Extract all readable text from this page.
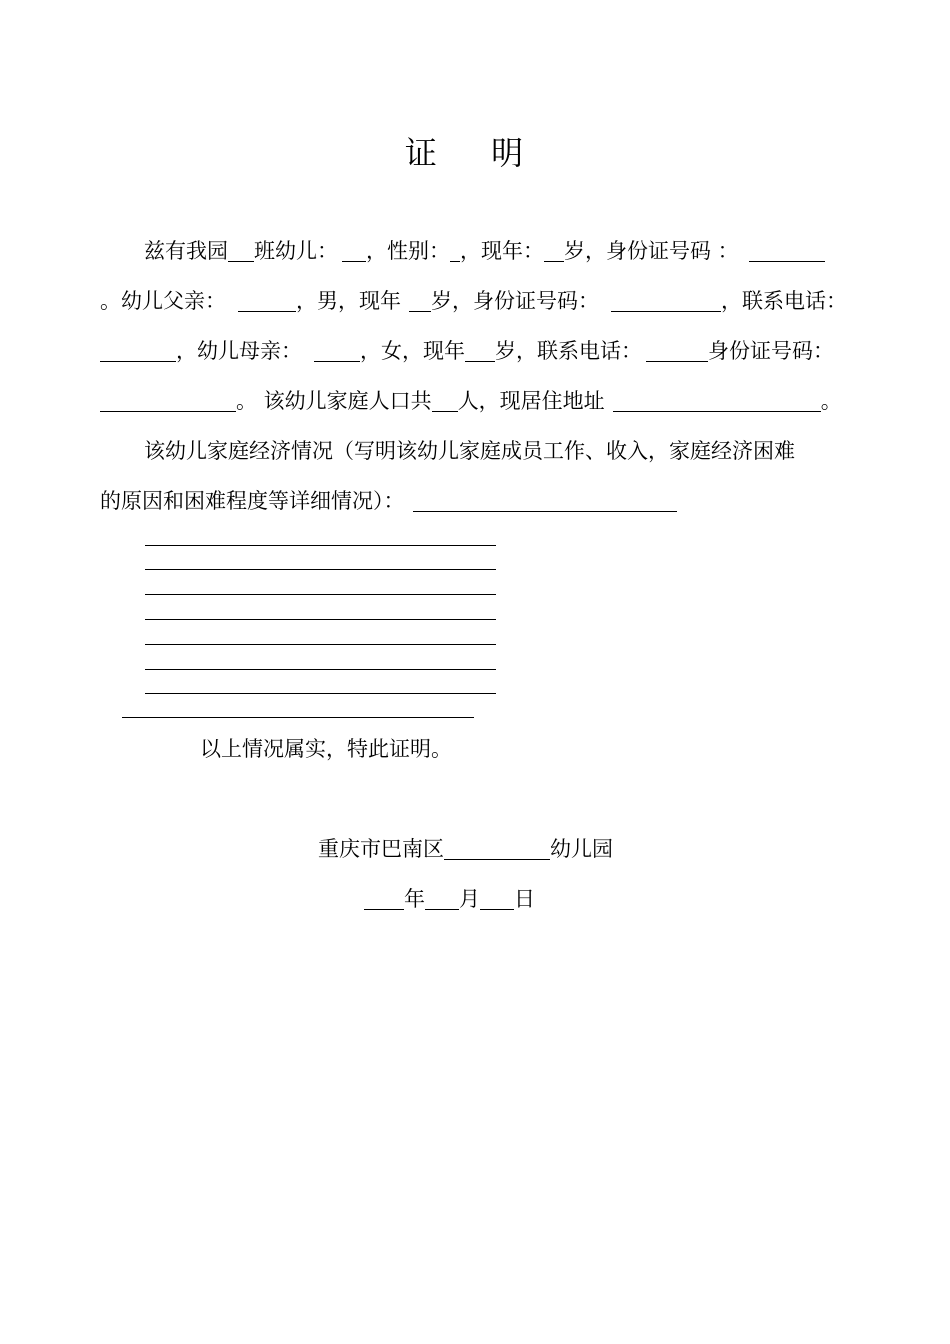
证 明
兹有我园 班幼儿： ，性别： ，现年： 岁，身份证号码 ：
。幼儿父亲：	，男，现年 岁，身份证号码：	，联系电话：
，幼儿母亲：	，女，现年 岁，联系电话：	身份证号码：
。 该幼儿家庭人口共 人，现居住地址	。
该幼儿家庭经济情况（写明该幼儿家庭成员工作、收入，家庭经济困难
的原因和困难程度等详细情况）：
以上情况属实，特此证明。
重庆市巴南区	幼儿园
年 月 日
